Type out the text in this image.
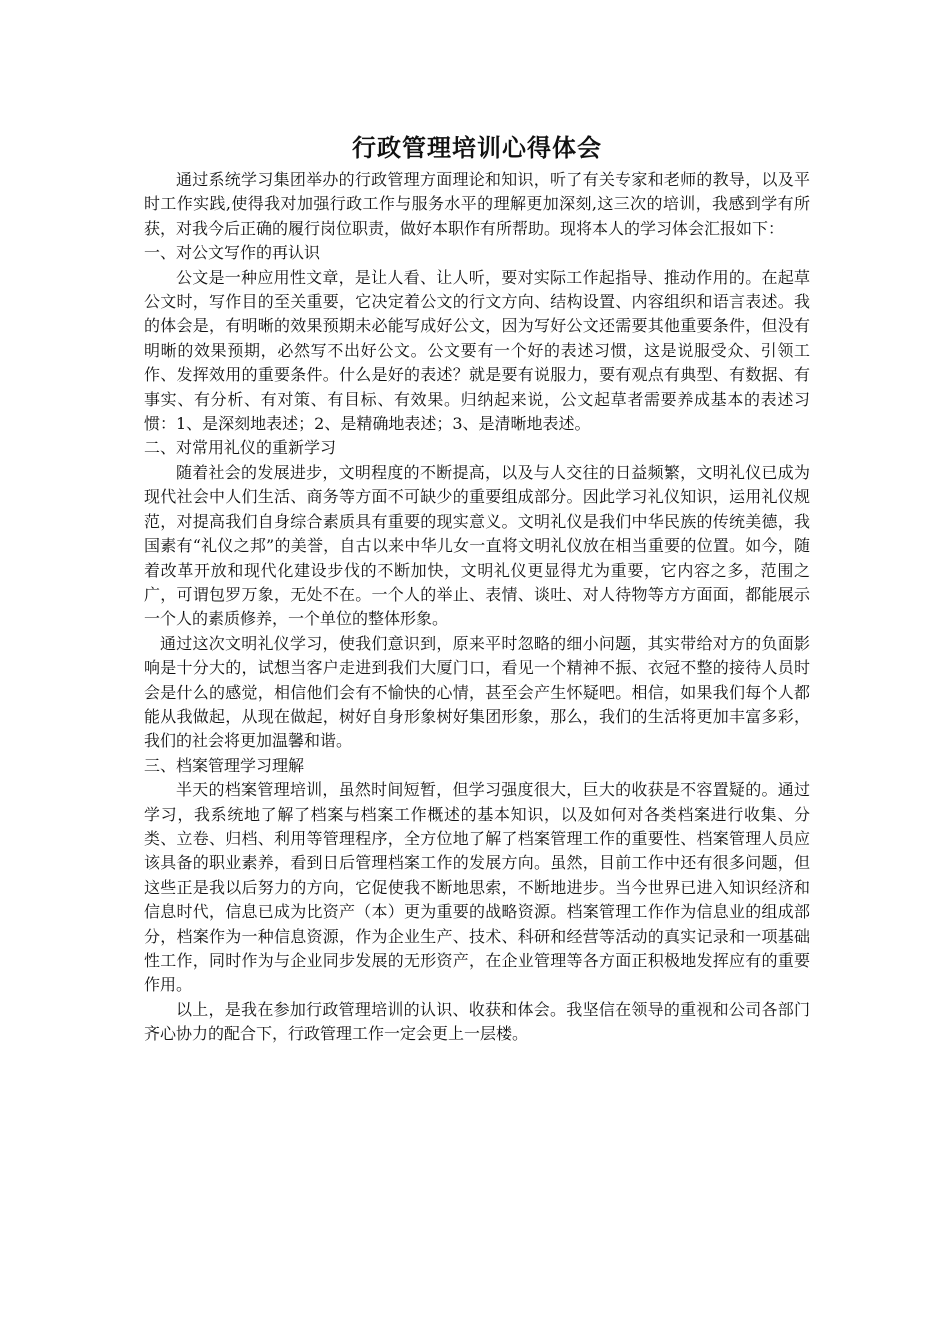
行政管理培训心得体会

通过系统学习集团举办的行政管理方面理论和知识，听了有关专家和老师的教导，以及平时工作实践,使得我对加强行政工作与服务水平的理解更加深刻,这三次的培训，我感到学有所获，对我今后正确的履行岗位职责，做好本职作有所帮助。现将本人的学习体会汇报如下：

一、对公文写作的再认识

公文是一种应用性文章，是让人看、让人听，要对实际工作起指导、推动作用的。在起草公文时，写作目的至关重要，它决定着公文的行文方向、结构设置、内容组织和语言表述。我的体会是，有明晰的效果预期未必能写成好公文，因为写好公文还需要其他重要条件，但没有明晰的效果预期，必然写不出好公文。公文要有一个好的表述习惯，这是说服受众、引领工作、发挥效用的重要条件。什么是好的表述？就是要有说服力，要有观点有典型、有数据、有事实、有分析、有对策、有目标、有效果。归纳起来说，公文起草者需要养成基本的表述习惯：1、是深刻地表述；2、是精确地表述；3、是清晰地表述。

二、对常用礼仪的重新学习

随着社会的发展进步，文明程度的不断提高，以及与人交往的日益频繁，文明礼仪已成为现代社会中人们生活、商务等方面不可缺少的重要组成部分。因此学习礼仪知识，运用礼仪规范，对提高我们自身综合素质具有重要的现实意义。文明礼仪是我们中华民族的传统美德，我国素有“礼仪之邦”的美誉，自古以来中华儿女一直将文明礼仪放在相当重要的位置。如今，随着改革开放和现代化建设步伐的不断加快，文明礼仪更显得尤为重要，它内容之多，范围之广，可谓包罗万象，无处不在。一个人的举止、表情、谈吐、对人待物等方方面面，都能展示一个人的素质修养，一个单位的整体形象。

通过这次文明礼仪学习，使我们意识到，原来平时忽略的细小问题，其实带给对方的负面影响是十分大的，试想当客户走进到我们大厦门口，看见一个精神不振、衣冠不整的接待人员时会是什么的感觉，相信他们会有不愉快的心情，甚至会产生怀疑吧。相信，如果我们每个人都能从我做起，从现在做起，树好自身形象树好集团形象，那么，我们的生活将更加丰富多彩，我们的社会将更加温馨和谐。

三、档案管理学习理解

半天的档案管理培训，虽然时间短暂，但学习强度很大，巨大的收获是不容置疑的。通过学习，我系统地了解了档案与档案工作概述的基本知识，以及如何对各类档案进行收集、分类、立卷、归档、利用等管理程序，全方位地了解了档案管理工作的重要性、档案管理人员应该具备的职业素养，看到日后管理档案工作的发展方向。虽然，目前工作中还有很多问题，但这些正是我以后努力的方向，它促使我不断地思索，不断地进步。当今世界已进入知识经济和信息时代，信息已成为比资产（本）更为重要的战略资源。档案管理工作作为信息业的组成部分，档案作为一种信息资源，作为企业生产、技术、科研和经营等活动的真实记录和一项基础性工作，同时作为与企业同步发展的无形资产，在企业管理等各方面正积极地发挥应有的重要作用。

以上，是我在参加行政管理培训的认识、收获和体会。我坚信在领导的重视和公司各部门齐心协力的配合下，行政管理工作一定会更上一层楼。
